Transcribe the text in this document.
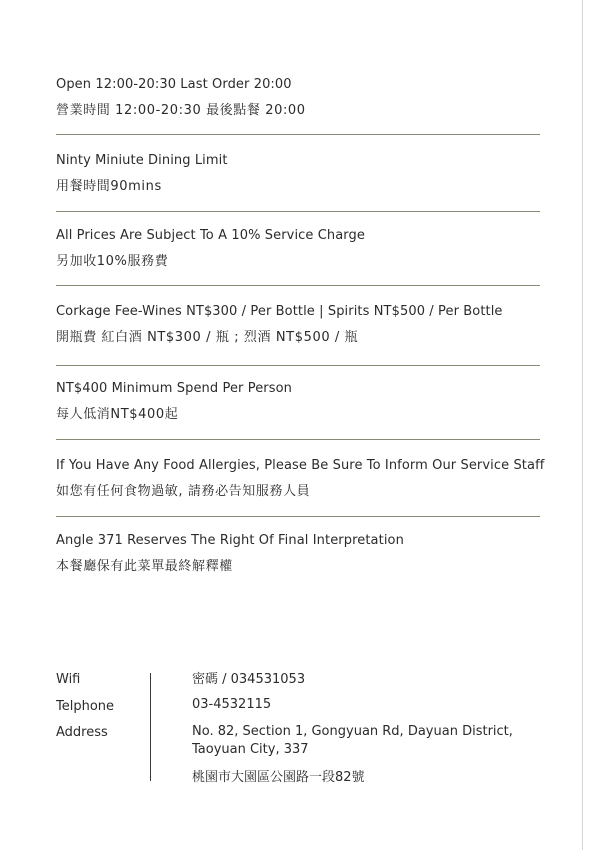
Open 12:00-20:30 Last Order 20:00
營業時間 12:00-20:30 最後點餐 20:00
Ninty Miniute Dining Limit
用餐時間90mins
All Prices Are Subject To A 10% Service Charge
另加收10%服務費
Corkage Fee-Wines NT$300 / Per Bottle | Spirits NT$500 / Per Bottle
開瓶費 紅白酒 NT$300 / 瓶 ; 烈酒 NT$500 / 瓶
NT$400 Minimum Spend Per Person
每人低消NT$400起
If You Have Any Food Allergies, Please Be Sure To Inform Our Service Staff
如您有任何食物過敏, 請務必告知服務人員
Angle 371 Reserves The Right Of Final Interpretation
本餐廳保有此菜單最終解釋權
Wifi
Telphone
Address
密碼 / 034531053
03-4532115
No. 82, Section 1, Gongyuan Rd, Dayuan District,
Taoyuan City, 337
桃園市大園區公園路一段82號
